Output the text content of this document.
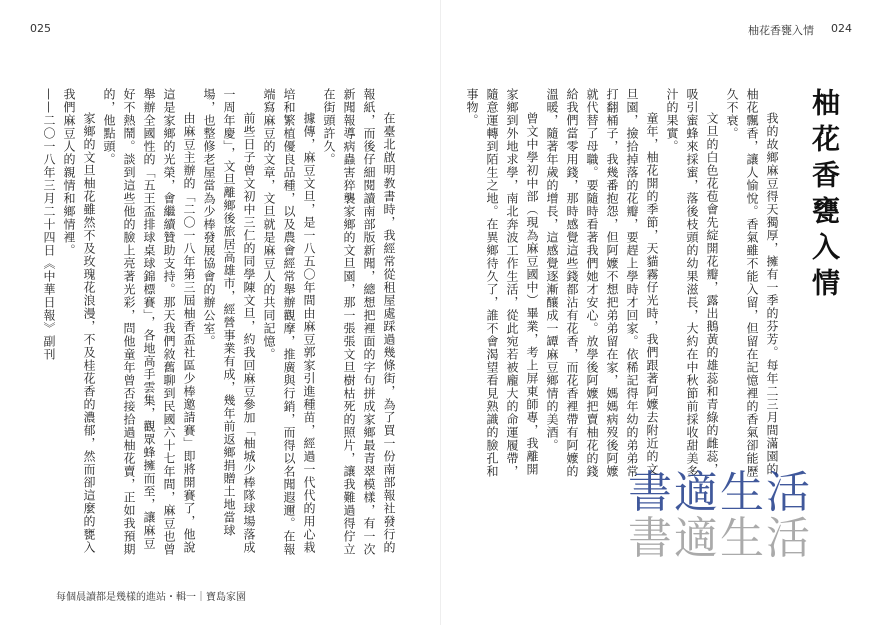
025
在臺北啟明教書時，我經常從租屋處踩過幾條街，為了買一份南部報社發行的報紙，而後仔細閱讀南部版新聞，總想把裡面的字句拼成家鄉最青翠模樣，有一次新聞報導病蟲害猝襲家鄉的文旦園，那一張張文旦樹枯死的照片，讓我難過得佇立在街頭許久。
據傳，麻豆文旦，是一八五〇年間由麻豆郭家引進種苗，經過一代代的用心栽培和繁植優良品種，以及農會經常舉辦觀摩，推廣與行銷，而得以名聞遐邇。在報端寫麻豆的文章，文旦就是麻豆人的共同記憶。
前些日子曾文初中三仁的同學陳文旦，約我回麻豆參加「柚城少棒隊球場落成一周年慶」，文旦離鄉後旅居高雄市，經營事業有成，幾年前返鄉捐贈土地當球場，也整修老屋當為少棒發展協會的辦公室。
由麻豆主辦的「二〇一八年第三屆柚香盃社區少棒邀請賽」即將開賽了，他說這是家鄉的光榮，會繼續贊助支持。那天我們敘舊聊到民國六十七年間，麻豆也曾舉辦全國性的「五王盃排球桌球錦標賽」，各地高手雲集，觀眾蜂擁而至，讓麻豆好不熱鬧。談到這些他的臉上亮著光彩，問他童年曾否接拾過柚花賣，正如我預期的，他點頭。
家鄉的文旦柚花雖然不及玫瑰花浪漫，不及桂花香的濃郁，然而卻這麼的甕入我們麻豆人的親情和鄉情裡。
——二〇一八年三月二十四日《中華日報》副刊
每個晨讀都是幾樣的進站・輯一｜寶島家園
柚花香甕入情 024
柚花香甕入情
我的故鄉麻豆得天獨厚，擁有一季的芬芳。每年二三月間滿園的柚花飄香，讓人愉悅。香氣雖不能入留，但留在記憶裡的香氣卻能歷久不衰。
文旦的白色花苞會先綻開花瓣，露出鵝黃的雄蕊和青綠的雌蕊，吸引蜜蜂來採蜜，落後枝頭的幼果滋長，大約在中秋節前採收甜美多汁的果實。
童年，柚花開的季節，天貓霧仔光時，我們跟著阿嬤去附近的文旦園，撿拾掉落的花瓣，要趕上學時才回家。依稀記得年幼的弟弟常打翻桶子，我幾番抱怨，但阿嬤不想把弟弟留在家，媽媽病歿後阿嬤就代替了母職。要隨時看著我們她才安心。放學後阿嬤把賣柚花的錢給我們當零用錢，那時感覺這些錢都沾有花香，而花香裡帶有阿嬤的溫暖，隨著年歲的增長，這感覺逐漸釀成一罈麻豆鄉情的美酒。
曾文中學初中部（現為麻豆國中）畢業，考上屏東師專，我離開家鄉到外地求學，南北奔波工作生活，從此宛若被龐大的命運履帶，隨意運轉到陌生之地。在異鄉待久了，誰不會渴望看見熟識的臉孔和事物。
書適生活
書適生活
